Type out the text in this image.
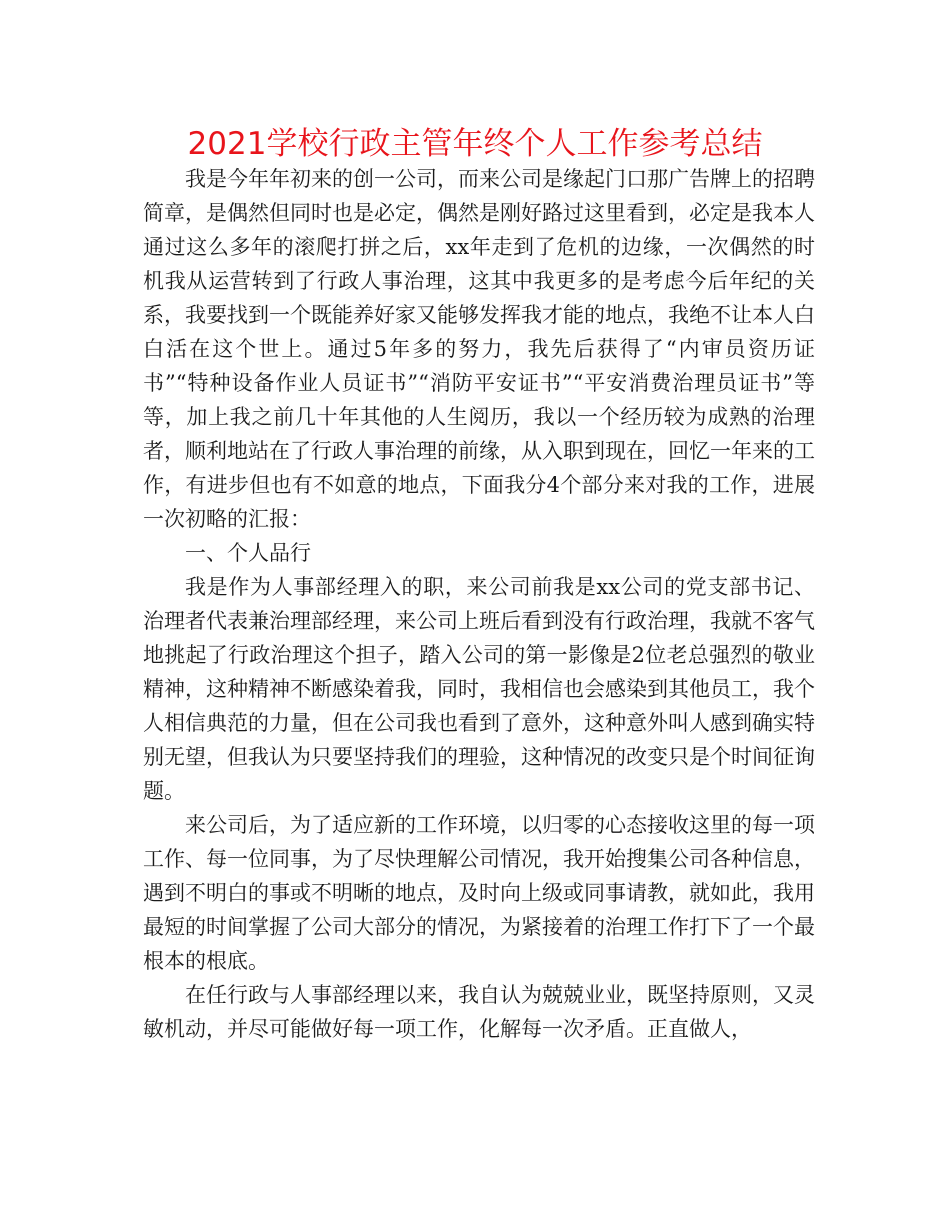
2021学校行政主管年终个人工作参考总结

我是今年年初来的创一公司，而来公司是缘起门口那广告牌上的招聘简章，是偶然但同时也是必定，偶然是刚好路过这里看到，必定是我本人通过这么多年的滚爬打拼之后，xx年走到了危机的边缘，一次偶然的时机我从运营转到了行政人事治理，这其中我更多的是考虑今后年纪的关系，我要找到一个既能养好家又能够发挥我才能的地点，我绝不让本人白白活在这个世上。通过5年多的努力，我先后获得了“内审员资历证书”“特种设备作业人员证书”“消防平安证书”“平安消费治理员证书”等等，加上我之前几十年其他的人生阅历，我以一个经历较为成熟的治理者，顺利地站在了行政人事治理的前缘，从入职到现在，回忆一年来的工作，有进步但也有不如意的地点，下面我分4个部分来对我的工作，进展一次初略的汇报：

一、个人品行

我是作为人事部经理入的职，来公司前我是xx公司的党支部书记、治理者代表兼治理部经理，来公司上班后看到没有行政治理，我就不客气地挑起了行政治理这个担子，踏入公司的第一影像是2位老总强烈的敬业精神，这种精神不断感染着我，同时，我相信也会感染到其他员工，我个人相信典范的力量，但在公司我也看到了意外，这种意外叫人感到确实特别无望，但我认为只要坚持我们的理验，这种情况的改变只是个时间征询题。

来公司后，为了适应新的工作环境，以归零的心态接收这里的每一项工作、每一位同事，为了尽快理解公司情况，我开始搜集公司各种信息，遇到不明白的事或不明晰的地点，及时向上级或同事请教，就如此，我用最短的时间掌握了公司大部分的情况，为紧接着的治理工作打下了一个最根本的根底。

在任行政与人事部经理以来，我自认为兢兢业业，既坚持原则，又灵敏机动，并尽可能做好每一项工作，化解每一次矛盾。正直做人，
